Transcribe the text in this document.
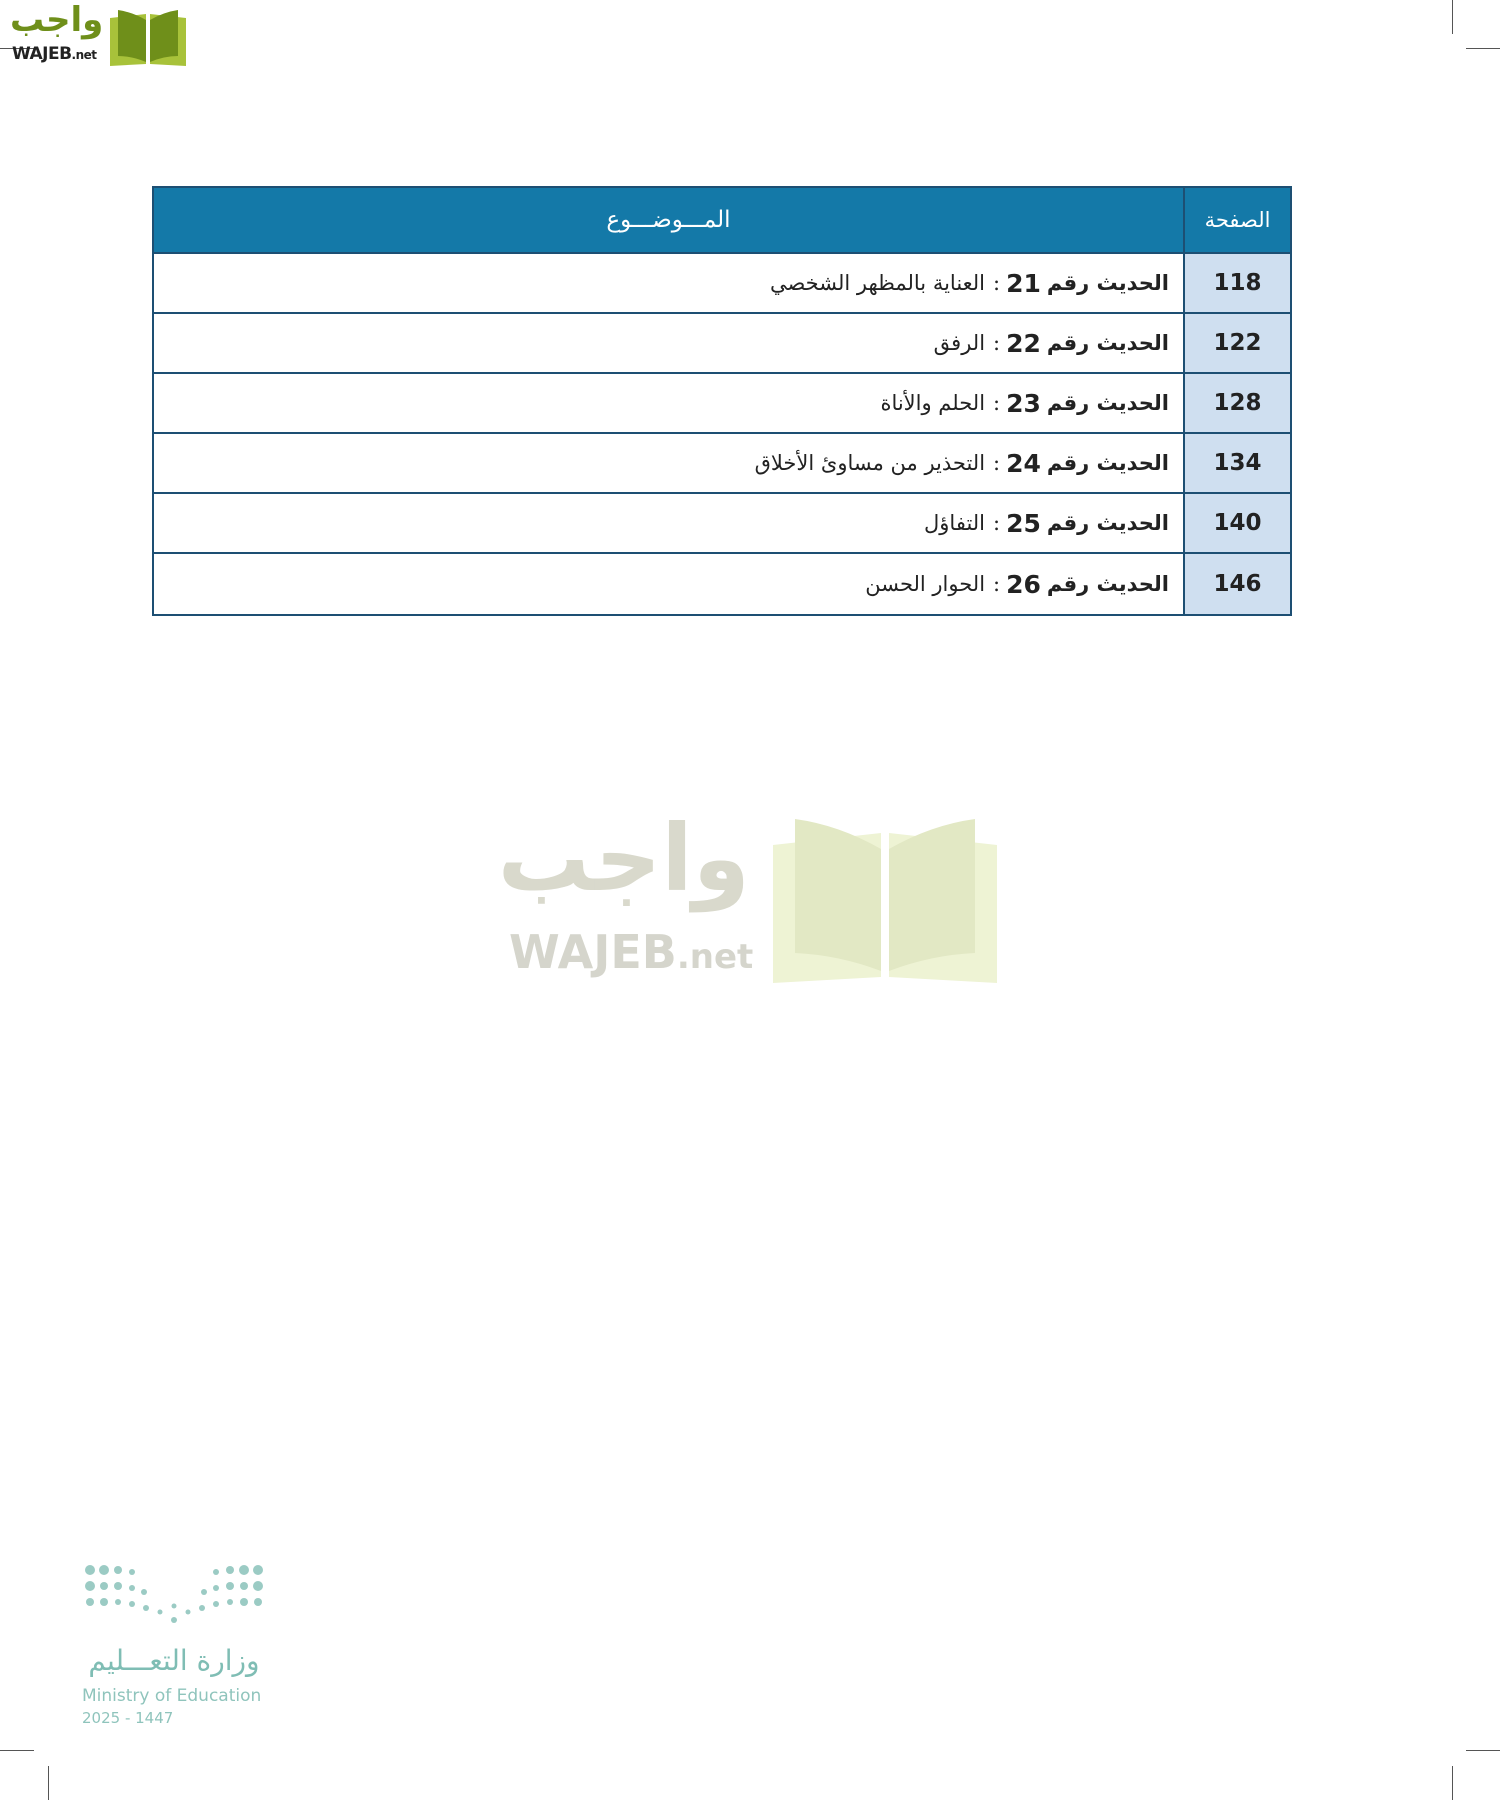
واجب
WAJEB.net
الصفحة
المـــوضـــوع
118
الحديث رقم
21
:
العناية بالمظهر الشخصي
122
الحديث رقم
22
:
الرفق
128
الحديث رقم
23
:
الحلم والأناة
134
الحديث رقم
24
:
التحذير من مساوئ الأخلاق
140
الحديث رقم
25
:
التفاؤل
146
الحديث رقم
26
:
الحوار الحسن
واجب
WAJEB.net
وزارة التعـــليم
Ministry of Education
2025 - 1447
